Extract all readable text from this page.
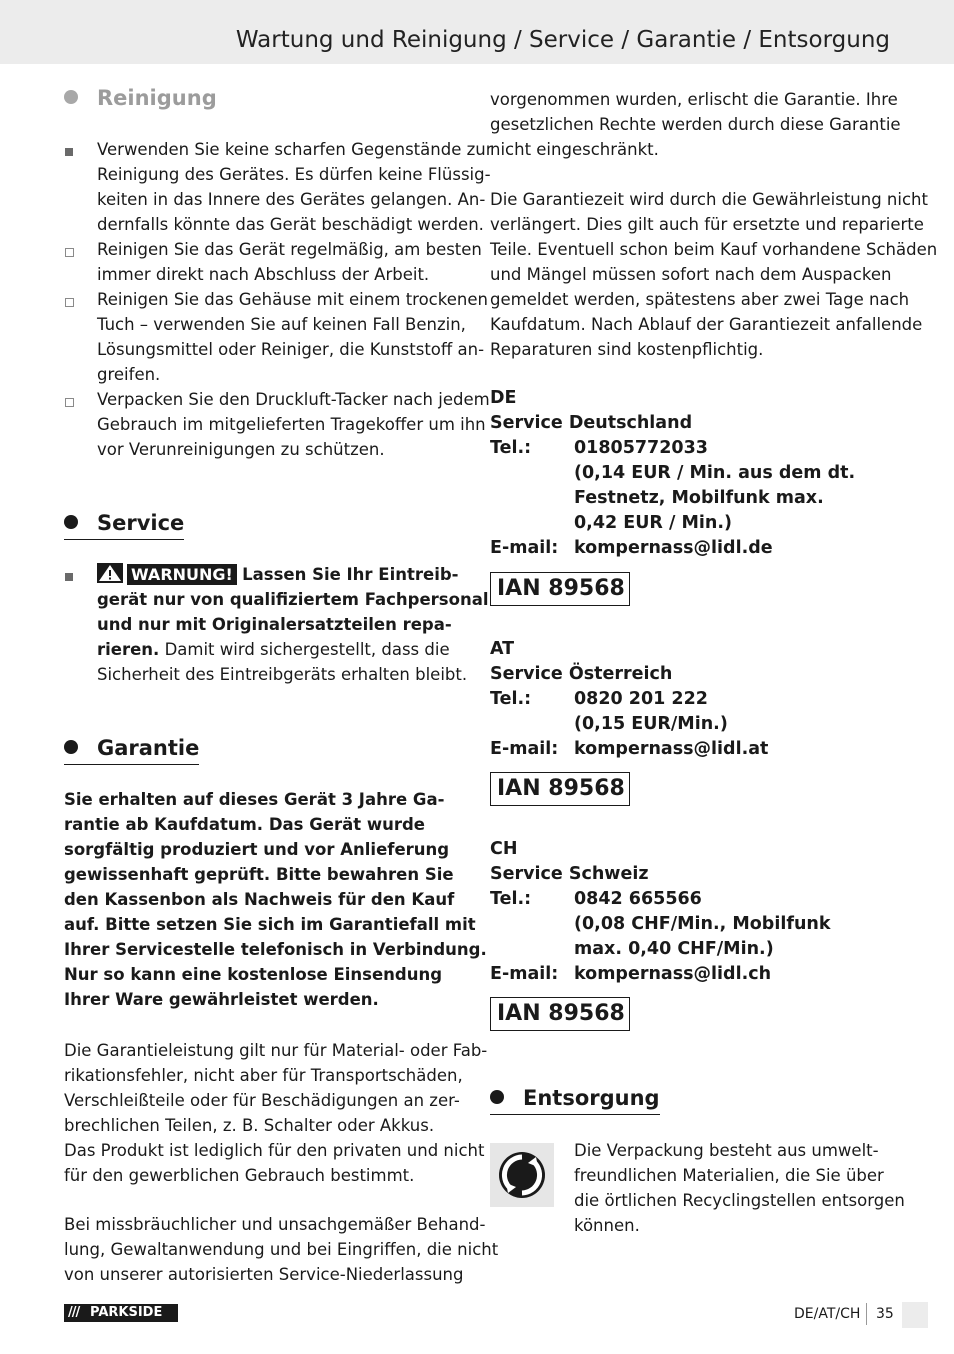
Wartung und Reinigung / Service / Garantie / Entsorgung
Reinigung
Verwenden Sie keine scharfen Gegenstände zur
Reinigung des Gerätes. Es dürfen keine Flüssig-
keiten in das Innere des Gerätes gelangen. An-
dernfalls könnte das Gerät beschädigt werden.
Reinigen Sie das Gerät regelmäßig, am besten
immer direkt nach Abschluss der Arbeit.
Reinigen Sie das Gehäuse mit einem trockenen
Tuch – verwenden Sie auf keinen Fall Benzin,
Lösungsmittel oder Reiniger, die Kunststoff an-
greifen.
Verpacken Sie den Druckluft-Tacker nach jedem
Gebrauch im mitgelieferten Tragekoffer um ihn
vor Verunreinigungen zu schützen.
Service
WARNUNG! Lassen Sie Ihr Eintreib-
gerät nur von qualifiziertem Fachpersonal
und nur mit Originalersatzteilen repa-
rieren. Damit wird sichergestellt, dass die
Sicherheit des Eintreibgeräts erhalten bleibt.
Garantie
Sie erhalten auf dieses Gerät 3 Jahre Ga-
rantie ab Kaufdatum. Das Gerät wurde
sorgfältig produziert und vor Anlieferung
gewissenhaft geprüft. Bitte bewahren Sie
den Kassenbon als Nachweis für den Kauf
auf. Bitte setzen Sie sich im Garantiefall mit
Ihrer Servicestelle telefonisch in Verbindung.
Nur so kann eine kostenlose Einsendung
Ihrer Ware gewährleistet werden.
Die Garantieleistung gilt nur für Material- oder Fab-
rikationsfehler, nicht aber für Transportschäden,
Verschleißteile oder für Beschädigungen an zer-
brechlichen Teilen, z. B. Schalter oder Akkus.
Das Produkt ist lediglich für den privaten und nicht
für den gewerblichen Gebrauch bestimmt.
Bei missbräuchlicher und unsachgemäßer Behand-
lung, Gewaltanwendung und bei Eingriffen, die nicht
von unserer autorisierten Service-Niederlassung
vorgenommen wurden, erlischt die Garantie. Ihre
gesetzlichen Rechte werden durch diese Garantie
nicht eingeschränkt.
Die Garantiezeit wird durch die Gewährleistung nicht
verlängert. Dies gilt auch für ersetzte und reparierte
Teile. Eventuell schon beim Kauf vorhandene Schäden
und Mängel müssen sofort nach dem Auspacken
gemeldet werden, spätestens aber zwei Tage nach
Kaufdatum. Nach Ablauf der Garantiezeit anfallende
Reparaturen sind kostenpflichtig.
DE
Service Deutschland
Tel.: 01805772033
(0,14 EUR / Min. aus dem dt.
Festnetz, Mobilfunk max.
0,42 EUR / Min.)
E-mail: kompernass@lidl.de
IAN 89568
AT
Service Österreich
Tel.: 0820 201 222
(0,15 EUR/Min.)
E-mail: kompernass@lidl.at
IAN 89568
CH
Service Schweiz
Tel.: 0842 665566
(0,08 CHF/Min., Mobilfunk
max. 0,40 CHF/Min.)
E-mail: kompernass@lidl.ch
IAN 89568
Entsorgung
Die Verpackung besteht aus umwelt-
freundlichen Materialien, die Sie über
die örtlichen Recyclingstellen entsorgen
können.
/// PARKSIDE	DE/AT/CH 35
